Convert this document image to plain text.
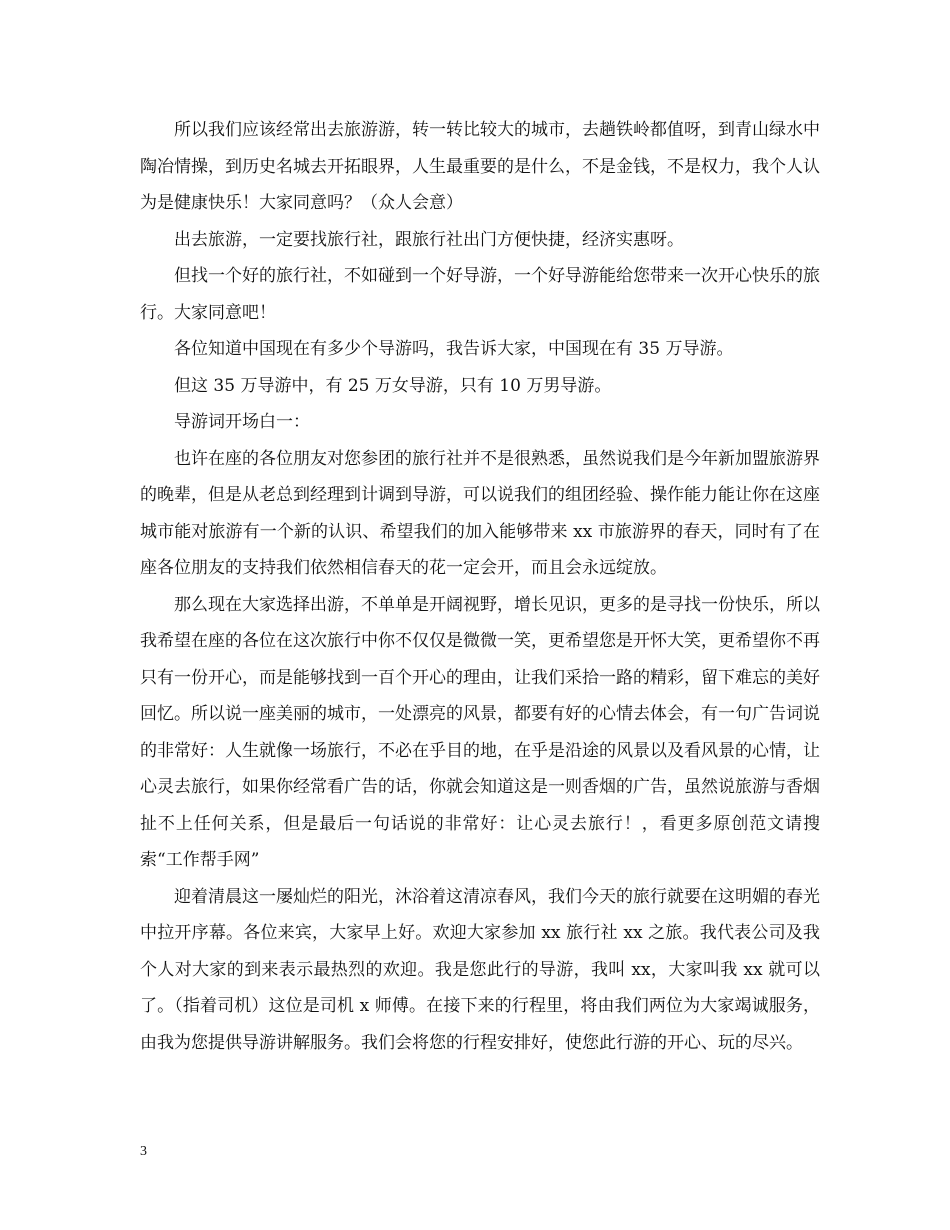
所以我们应该经常出去旅游游，转一转比较大的城市，去趟铁岭都值呀，到青山绿水中陶冶情操，到历史名城去开拓眼界，人生最重要的是什么，不是金钱，不是权力，我个人认为是健康快乐！大家同意吗？（众人会意）

出去旅游，一定要找旅行社，跟旅行社出门方便快捷，经济实惠呀。

但找一个好的旅行社，不如碰到一个好导游，一个好导游能给您带来一次开心快乐的旅行。大家同意吧！

各位知道中国现在有多少个导游吗，我告诉大家，中国现在有 35 万导游。

但这 35 万导游中，有 25 万女导游，只有 10 万男导游。

导游词开场白一：

也许在座的各位朋友对您参团的旅行社并不是很熟悉，虽然说我们是今年新加盟旅游界的晚辈，但是从老总到经理到计调到导游，可以说我们的组团经验、操作能力能让你在这座城市能对旅游有一个新的认识、希望我们的加入能够带来 xx 市旅游界的春天，同时有了在座各位朋友的支持我们依然相信春天的花一定会开，而且会永远绽放。

那么现在大家选择出游，不单单是开阔视野，增长见识，更多的是寻找一份快乐，所以我希望在座的各位在这次旅行中你不仅仅是微微一笑，更希望您是开怀大笑，更希望你不再只有一份开心，而是能够找到一百个开心的理由，让我们采拾一路的精彩，留下难忘的美好回忆。所以说一座美丽的城市，一处漂亮的风景，都要有好的心情去体会，有一句广告词说的非常好：人生就像一场旅行，不必在乎目的地，在乎是沿途的风景以及看风景的心情，让心灵去旅行，如果你经常看广告的话，你就会知道这是一则香烟的广告，虽然说旅游与香烟扯不上任何关系，但是最后一句话说的非常好：让心灵去旅行！，看更多原创范文请搜索“工作帮手网”

迎着清晨这一屡灿烂的阳光，沐浴着这清凉春风，我们今天的旅行就要在这明媚的春光中拉开序幕。各位来宾，大家早上好。欢迎大家参加 xx 旅行社 xx 之旅。我代表公司及我个人对大家的到来表示最热烈的欢迎。我是您此行的导游，我叫 xx，大家叫我 xx 就可以了。（指着司机）这位是司机 x 师傅。在接下来的行程里，将由我们两位为大家竭诚服务，由我为您提供导游讲解服务。我们会将您的行程安排好，使您此行游的开心、玩的尽兴。

3
